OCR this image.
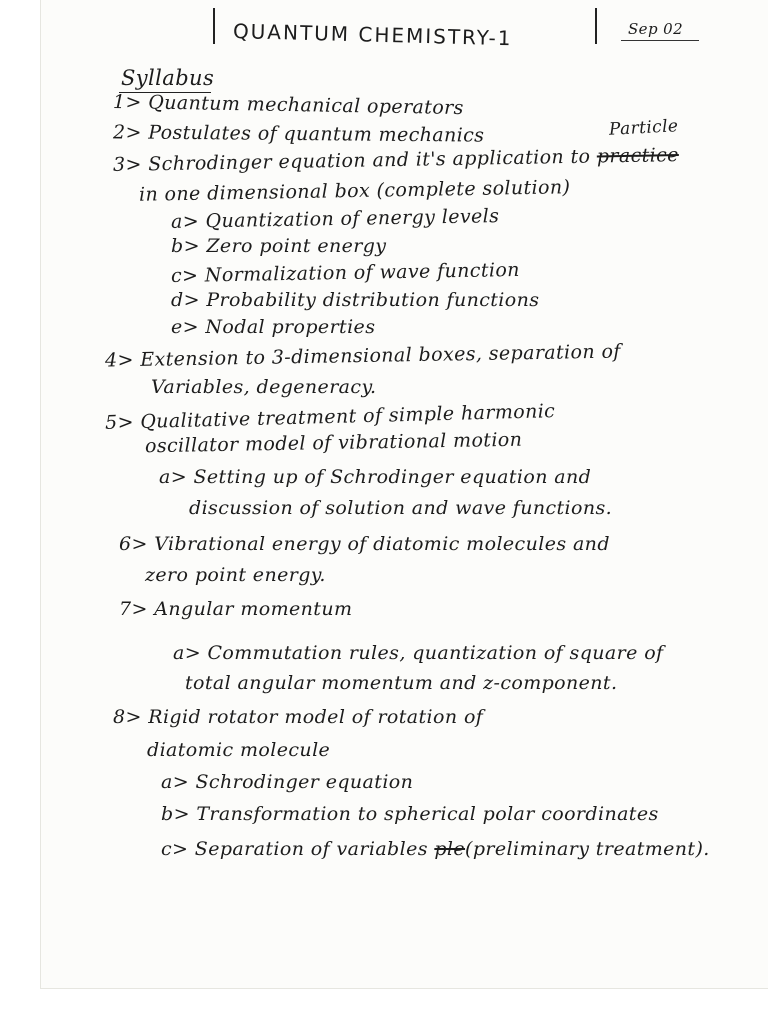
QUANTUM CHEMISTRY-1	Sep 02
Syllabus
Particle
1> Quantum mechanical operators
2> Postulates of quantum mechanics
3> Schrodinger equation and it's application to practice
in one dimensional box (complete solution)
a> Quantization of energy levels
b> Zero point energy
c> Normalization of wave function
d> Probability distribution functions
e> Nodal properties
4> Extension to 3-dimensional boxes, separation of
Variables, degeneracy.
5> Qualitative treatment of simple harmonic
oscillator model of vibrational motion
a> Setting up of Schrodinger equation and
discussion of solution and wave functions.
6> Vibrational energy of diatomic molecules and
zero point energy.
7> Angular momentum
a> Commutation rules, quantization of square of
total angular momentum and z-component.
8> Rigid rotator model of rotation of
diatomic molecule
a> Schrodinger equation
b> Transformation to spherical polar coordinates
c> Separation of variables ple(preliminary treatment).
